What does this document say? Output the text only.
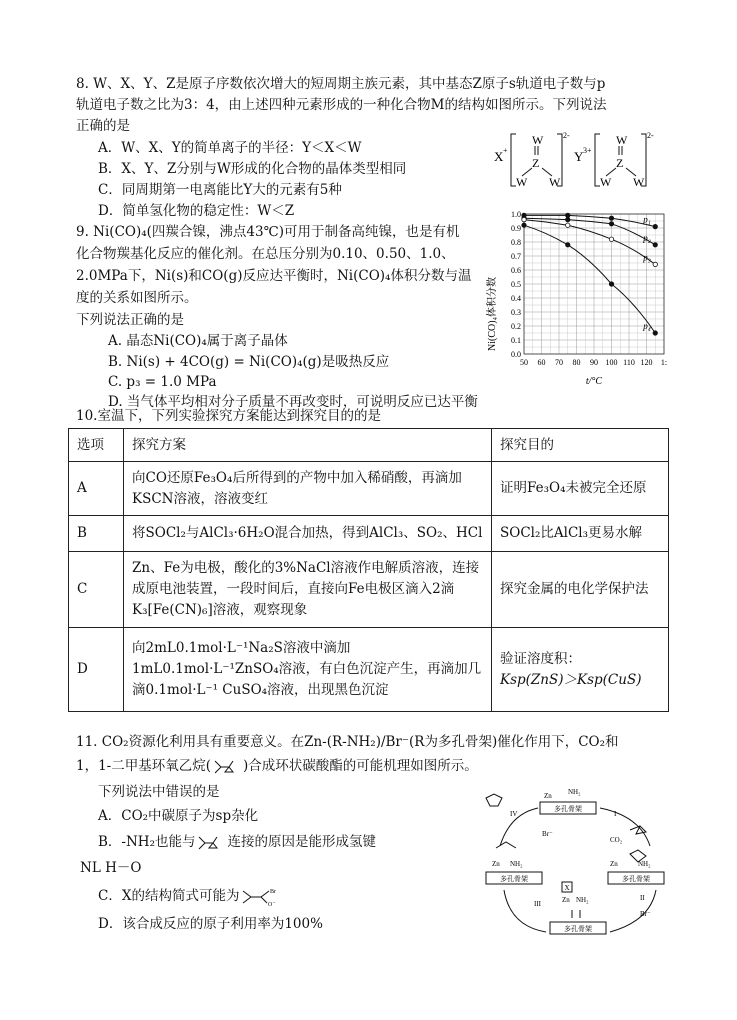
8. W、X、Y、Z是原子序数依次增大的短周期主族元素，其中基态Z原子s轨道电子数与p
轨道电子数之比为3：4，由上述四种元素形成的一种化合物M的结构如图所示。下列说法
正确的是
A．W、X、Y的简单离子的半径：Y＜X＜W
B．X、Y、Z分别与W形成的化合物的晶体类型相同
C．同周期第一电离能比Y大的元素有5种
D．简单氢化物的稳定性：W＜Z
X +
W
Z
W W
2-
Y 3+
W
Z
W W
2-
9. Ni(CO)₄(四羰合镍，沸点43℃)可用于制备高纯镍，也是有机
化合物羰基化反应的催化剂。在总压分别为0.10、0.50、1.0、
2.0MPa下，Ni(s)和CO(g)反应达平衡时，Ni(CO)₄体积分数与温
度的关系如图所示。
下列说法正确的是
A. 晶态Ni(CO)₄属于离子晶体
B. Ni(s) + 4CO(g) = Ni(CO)₄(g)是吸热反应
C. p₃ = 1.0 MPa
D. 当气体平均相对分子质量不再改变时，可说明反应已达平衡
0.0
0.1
0.2
0.3
0.4
0.5
0.6
0.7
0.8
0.9
1.0
50 60 70 80 90 100 110 120 1:
p₁
p₂
p₃
p₄
Ni(CO)₄体积分数
t/°C
10.室温下，下列实验探究方案能达到探究目的的是
选项	探究方案	探究目的
A	向CO还原Fe₃O₄后所得到的产物中加入稀硝酸，再滴加KSCN溶液，溶液变红	证明Fe₃O₄未被完全还原
B	将SOCl₂与AlCl₃·6H₂O混合加热，得到AlCl₃、SO₂、HCl	SOCl₂比AlCl₃更易水解
C	Zn、Fe为电极，酸化的3%NaCl溶液作电解质溶液，连接成原电池装置，一段时间后，直接向Fe电极区滴入2滴K₃[Fe(CN)₆]溶液，观察现象	探究金属的电化学保护法
D	向2mL0.1mol·L⁻¹Na₂S溶液中滴加1mL0.1mol·L⁻¹ZnSO₄溶液，有白色沉淀产生，再滴加几滴0.1mol·L⁻¹ CuSO₄溶液，出现黑色沉淀	验证溶度积：
Ksp(ZnS)＞Ksp(CuS)
11. CO₂资源化利用具有重要意义。在Zn-(R-NH₂)/Br⁻(R为多孔骨架)催化作用下，CO₂和
1，1-二甲基环氧乙烷( )合成环状碳酸酯的可能机理如图所示。
下列说法中错误的是
A．CO₂中碳原子为sp杂化
B．-NH₂也能与 连接的原因是能形成氢键
NL H－O
C．X的结构简式可能为	Br
O⁻
D．该合成反应的原子利用率为100%
多孔骨架
Zn NH₂
多孔骨架
Zn	NH₂
多孔骨架
Zn NH₂
X
多孔骨架
Zn NH₂
Br⁻
CO₂
Br⁻
I
II
III
IV
